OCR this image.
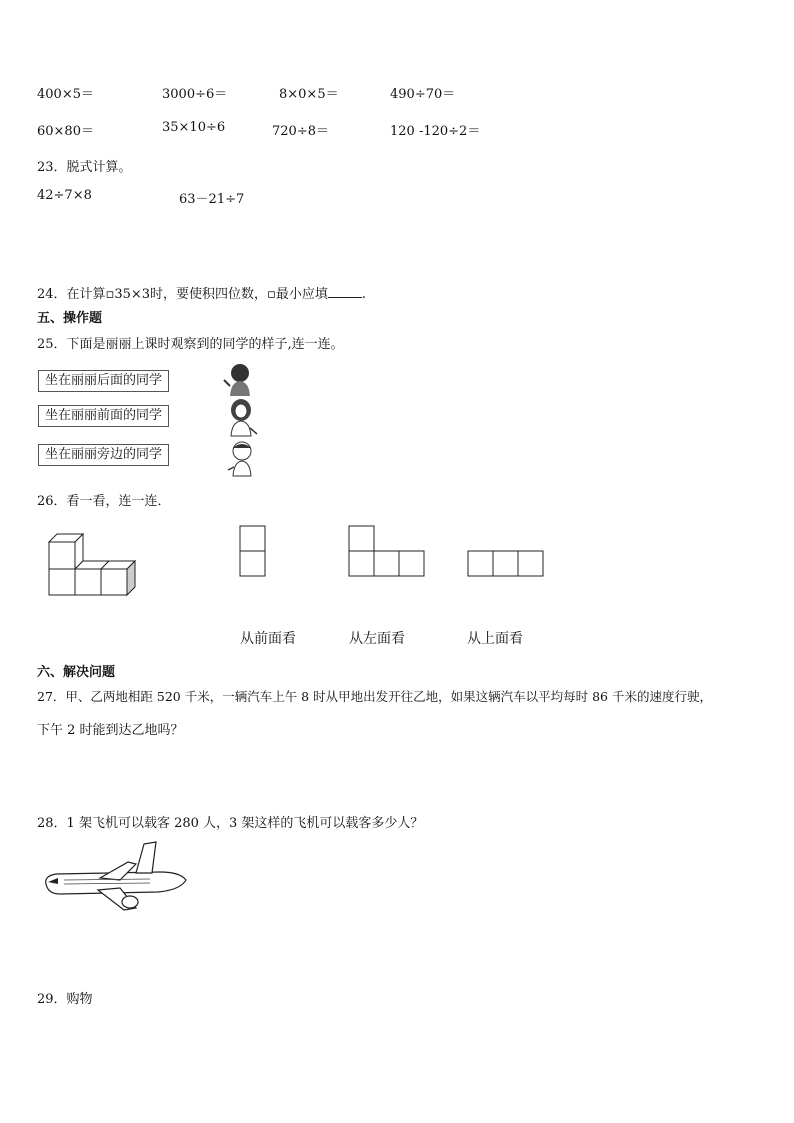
400×5＝	3000÷6＝	8×0×5＝	490÷70＝
60×80＝	35×10÷6	720÷8＝	120 -120÷2＝
23．脱式计算。
42÷7×8	63－21÷7
24．在计算▫35×3时，要使积四位数，▫最小应填	.
五、操作题
25．下面是丽丽上课时观察到的同学的样子,连一连。
坐在丽丽后面的同学
坐在丽丽前面的同学
坐在丽丽旁边的同学
26．看一看，连一连．
从前面看	从左面看	从上面看
六、解决问题
27．甲、乙两地相距 520 千米，一辆汽车上午 8 时从甲地出发开往乙地，如果这辆汽车以平均每时 86 千米的速度行驶，
下午 2 时能到达乙地吗？
28．1 架飞机可以载客 280 人，3 架这样的飞机可以载客多少人？
29．购物
